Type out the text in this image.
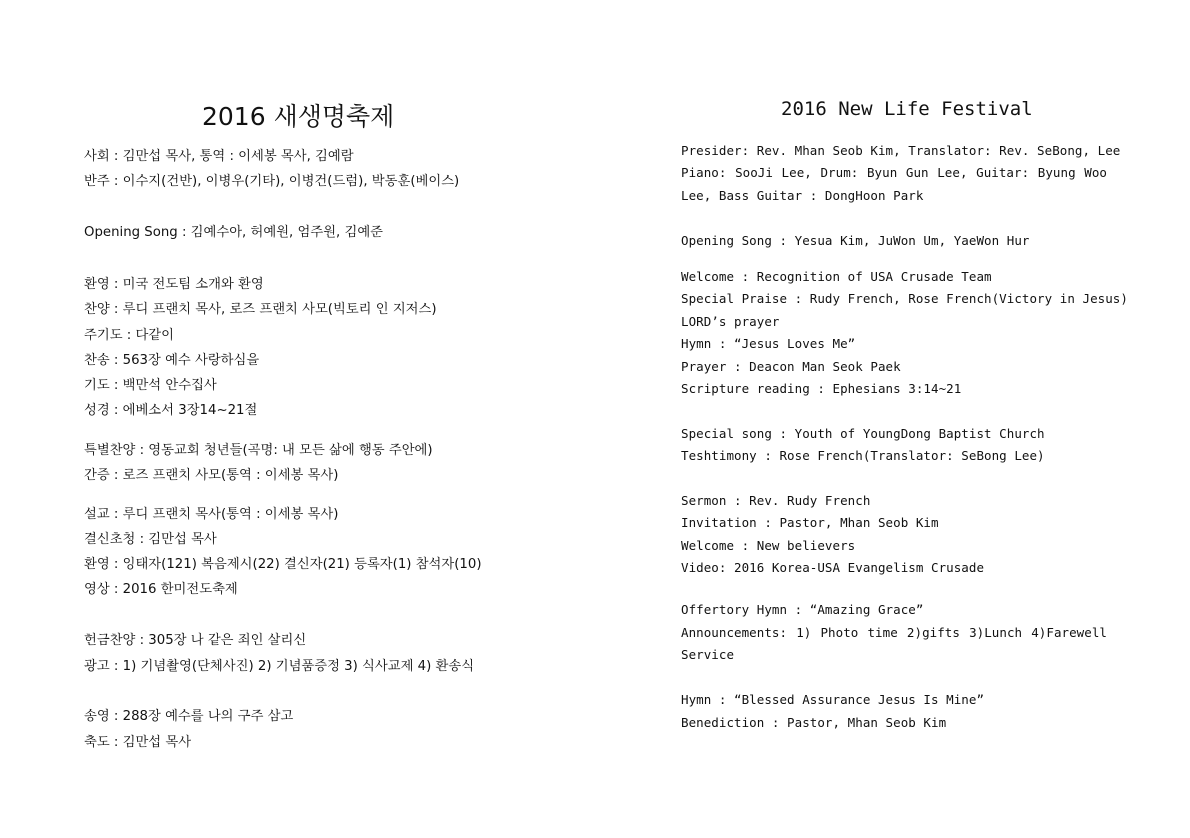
2016 새생명축제
사회 : 김만섭 목사, 통역 : 이세봉 목사, 김예람
반주 : 이수지(건반), 이병우(기타), 이병건(드럼), 박동훈(베이스)
Opening Song : 김예수아, 허예원, 엄주원, 김예준
환영 : 미국 전도팀 소개와 환영
찬양 : 루디 프랜치 목사, 로즈 프랜치 사모(빅토리 인 지저스)
주기도 : 다같이
찬송 : 563장 예수 사랑하심을
기도 : 백만석 안수집사
성경 : 에베소서 3장14~21절
특별찬양 : 영동교회 청년들(곡명: 내 모든 삶에 행동 주안에)
간증 : 로즈 프랜치 사모(통역 : 이세봉 목사)
설교 : 루디 프랜치 목사(통역 : 이세봉 목사)
결신초청 : 김만섭 목사
환영 : 잉태자(121) 복음제시(22) 결신자(21) 등록자(1) 참석자(10)
영상 : 2016 한미전도축제
헌금찬양 : 305장 나 같은 죄인 살리신
광고 : 1) 기념촬영(단체사진) 2) 기념품증정 3) 식사교제 4) 환송식
송영 : 288장 예수를 나의 구주 삼고
축도 : 김만섭 목사
2016 New Life Festival
Presider: Rev. Mhan Seob Kim, Translator: Rev. SeBong, Lee
Piano: SooJi Lee, Drum: Byun Gun Lee, Guitar: Byung Woo
Lee, Bass Guitar : DongHoon Park
Opening Song : Yesua Kim, JuWon Um, YaeWon Hur
Welcome : Recognition of USA Crusade Team
Special Praise : Rudy French, Rose French(Victory in Jesus)
LORD’s prayer
Hymn : “Jesus Loves Me”
Prayer : Deacon Man Seok Paek
Scripture reading : Ephesians 3:14~21
Special song : Youth of YoungDong Baptist Church
Teshtimony : Rose French(Translator: SeBong Lee)
Sermon : Rev. Rudy French
Invitation : Pastor, Mhan Seob Kim
Welcome : New believers
Video: 2016 Korea-USA Evangelism Crusade
Offertory Hymn : “Amazing Grace”
Announcements: 1) Photo time 2)gifts 3)Lunch 4)Farewell
Service
Hymn : “Blessed Assurance Jesus Is Mine”
Benediction : Pastor, Mhan Seob Kim
